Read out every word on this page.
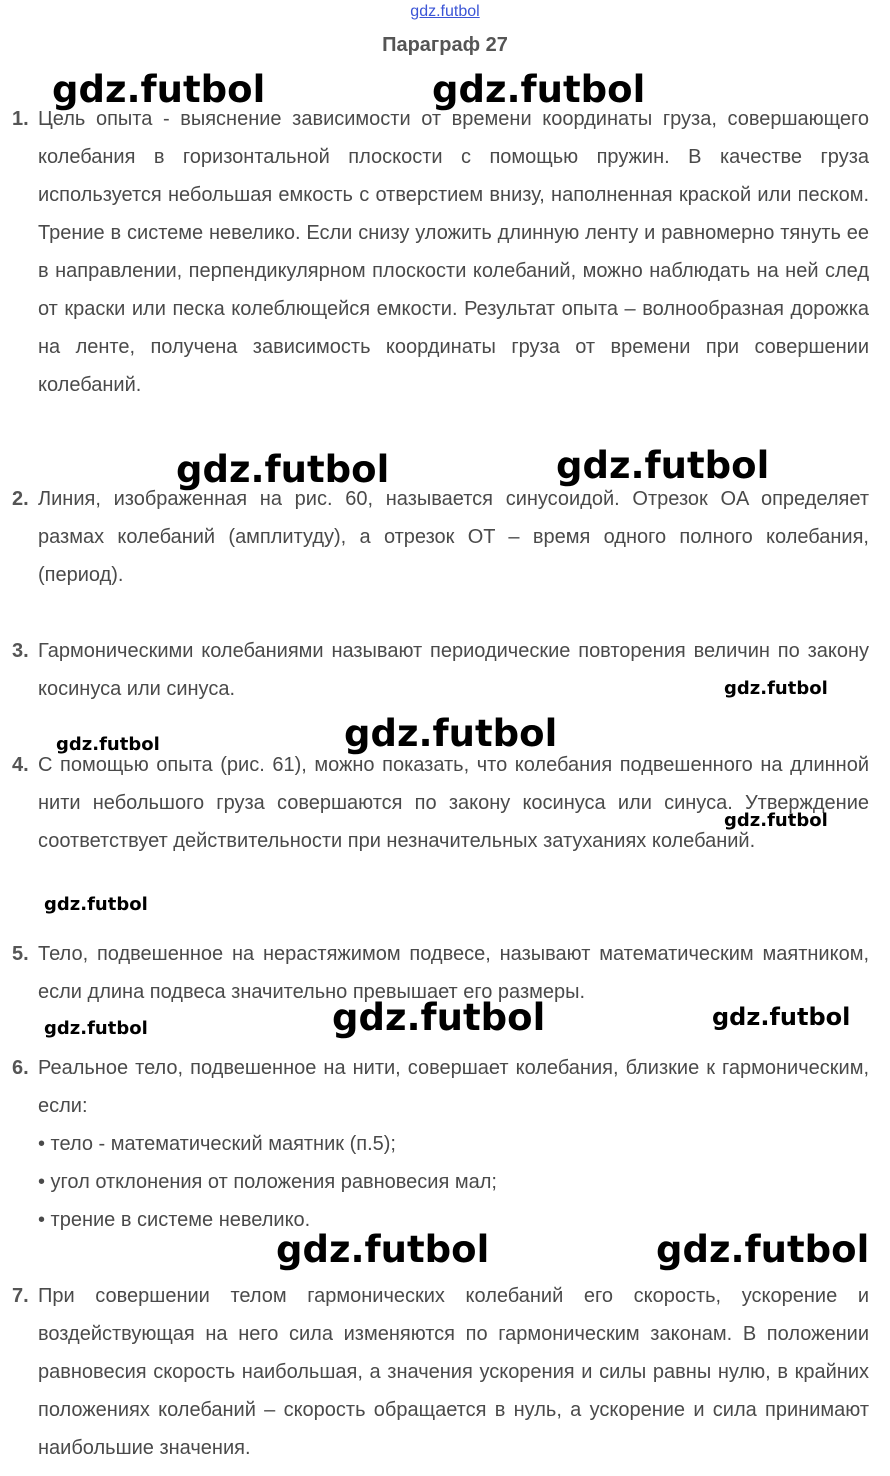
gdz.futbol
Параграф 27
1. Цель опыта - выяснение зависимости от времени координаты груза, совершающего колебания в горизонтальной плоскости с помощью пружин. В качестве груза используется небольшая емкость с отверстием внизу, наполненная краской или песком. Трение в системе невелико. Если снизу уложить длинную ленту и равномерно тянуть ее в направлении, перпендикулярном плоскости колебаний, можно наблюдать на ней след от краски или песка колеблющейся емкости. Результат опыта – волнообразная дорожка на ленте, получена зависимость координаты груза от времени при совершении колебаний.

2. Линия, изображенная на рис. 60, называется синусоидой. Отрезок OA определяет размах колебаний (амплитуду), а отрезок OT – время одного полного колебания, (период).

3. Гармоническими колебаниями называют периодические повторения величин по закону косинуса или синуса.

4. С помощью опыта (рис. 61), можно показать, что колебания подвешенного на длинной нити небольшого груза совершаются по закону косинуса или синуса. Утверждение соответствует действительности при незначительных затуханиях колебаний.

5. Тело, подвешенное на нерастяжимом подвесе, называют математическим маятником, если длина подвеса значительно превышает его размеры.

6. Реальное тело, подвешенное на нити, совершает колебания, близкие к гармоническим, если:

• тело - математический маятник (п.5);
• угол отклонения от положения равновесия мал;
• трение в системе невелико.
7. При совершении телом гармонических колебаний его скорость, ускорение и воздействующая на него сила изменяются по гармоническим законам. В положении равновесия скорость наибольшая, а значения ускорения и силы равны нулю, в крайних положениях колебаний – скорость обращается в нуль, а ускорение и сила принимают наибольшие значения.

gdz.futbol	gdz.futbol
gdz.futbol	gdz.futbol
gdz.futbol
gdz.futbol
gdz.futbol
gdz.futbol
gdz.futbol
gdz.futbol	gdz.futbol
gdz.futbol
gdz.futbol	gdz.futbol
